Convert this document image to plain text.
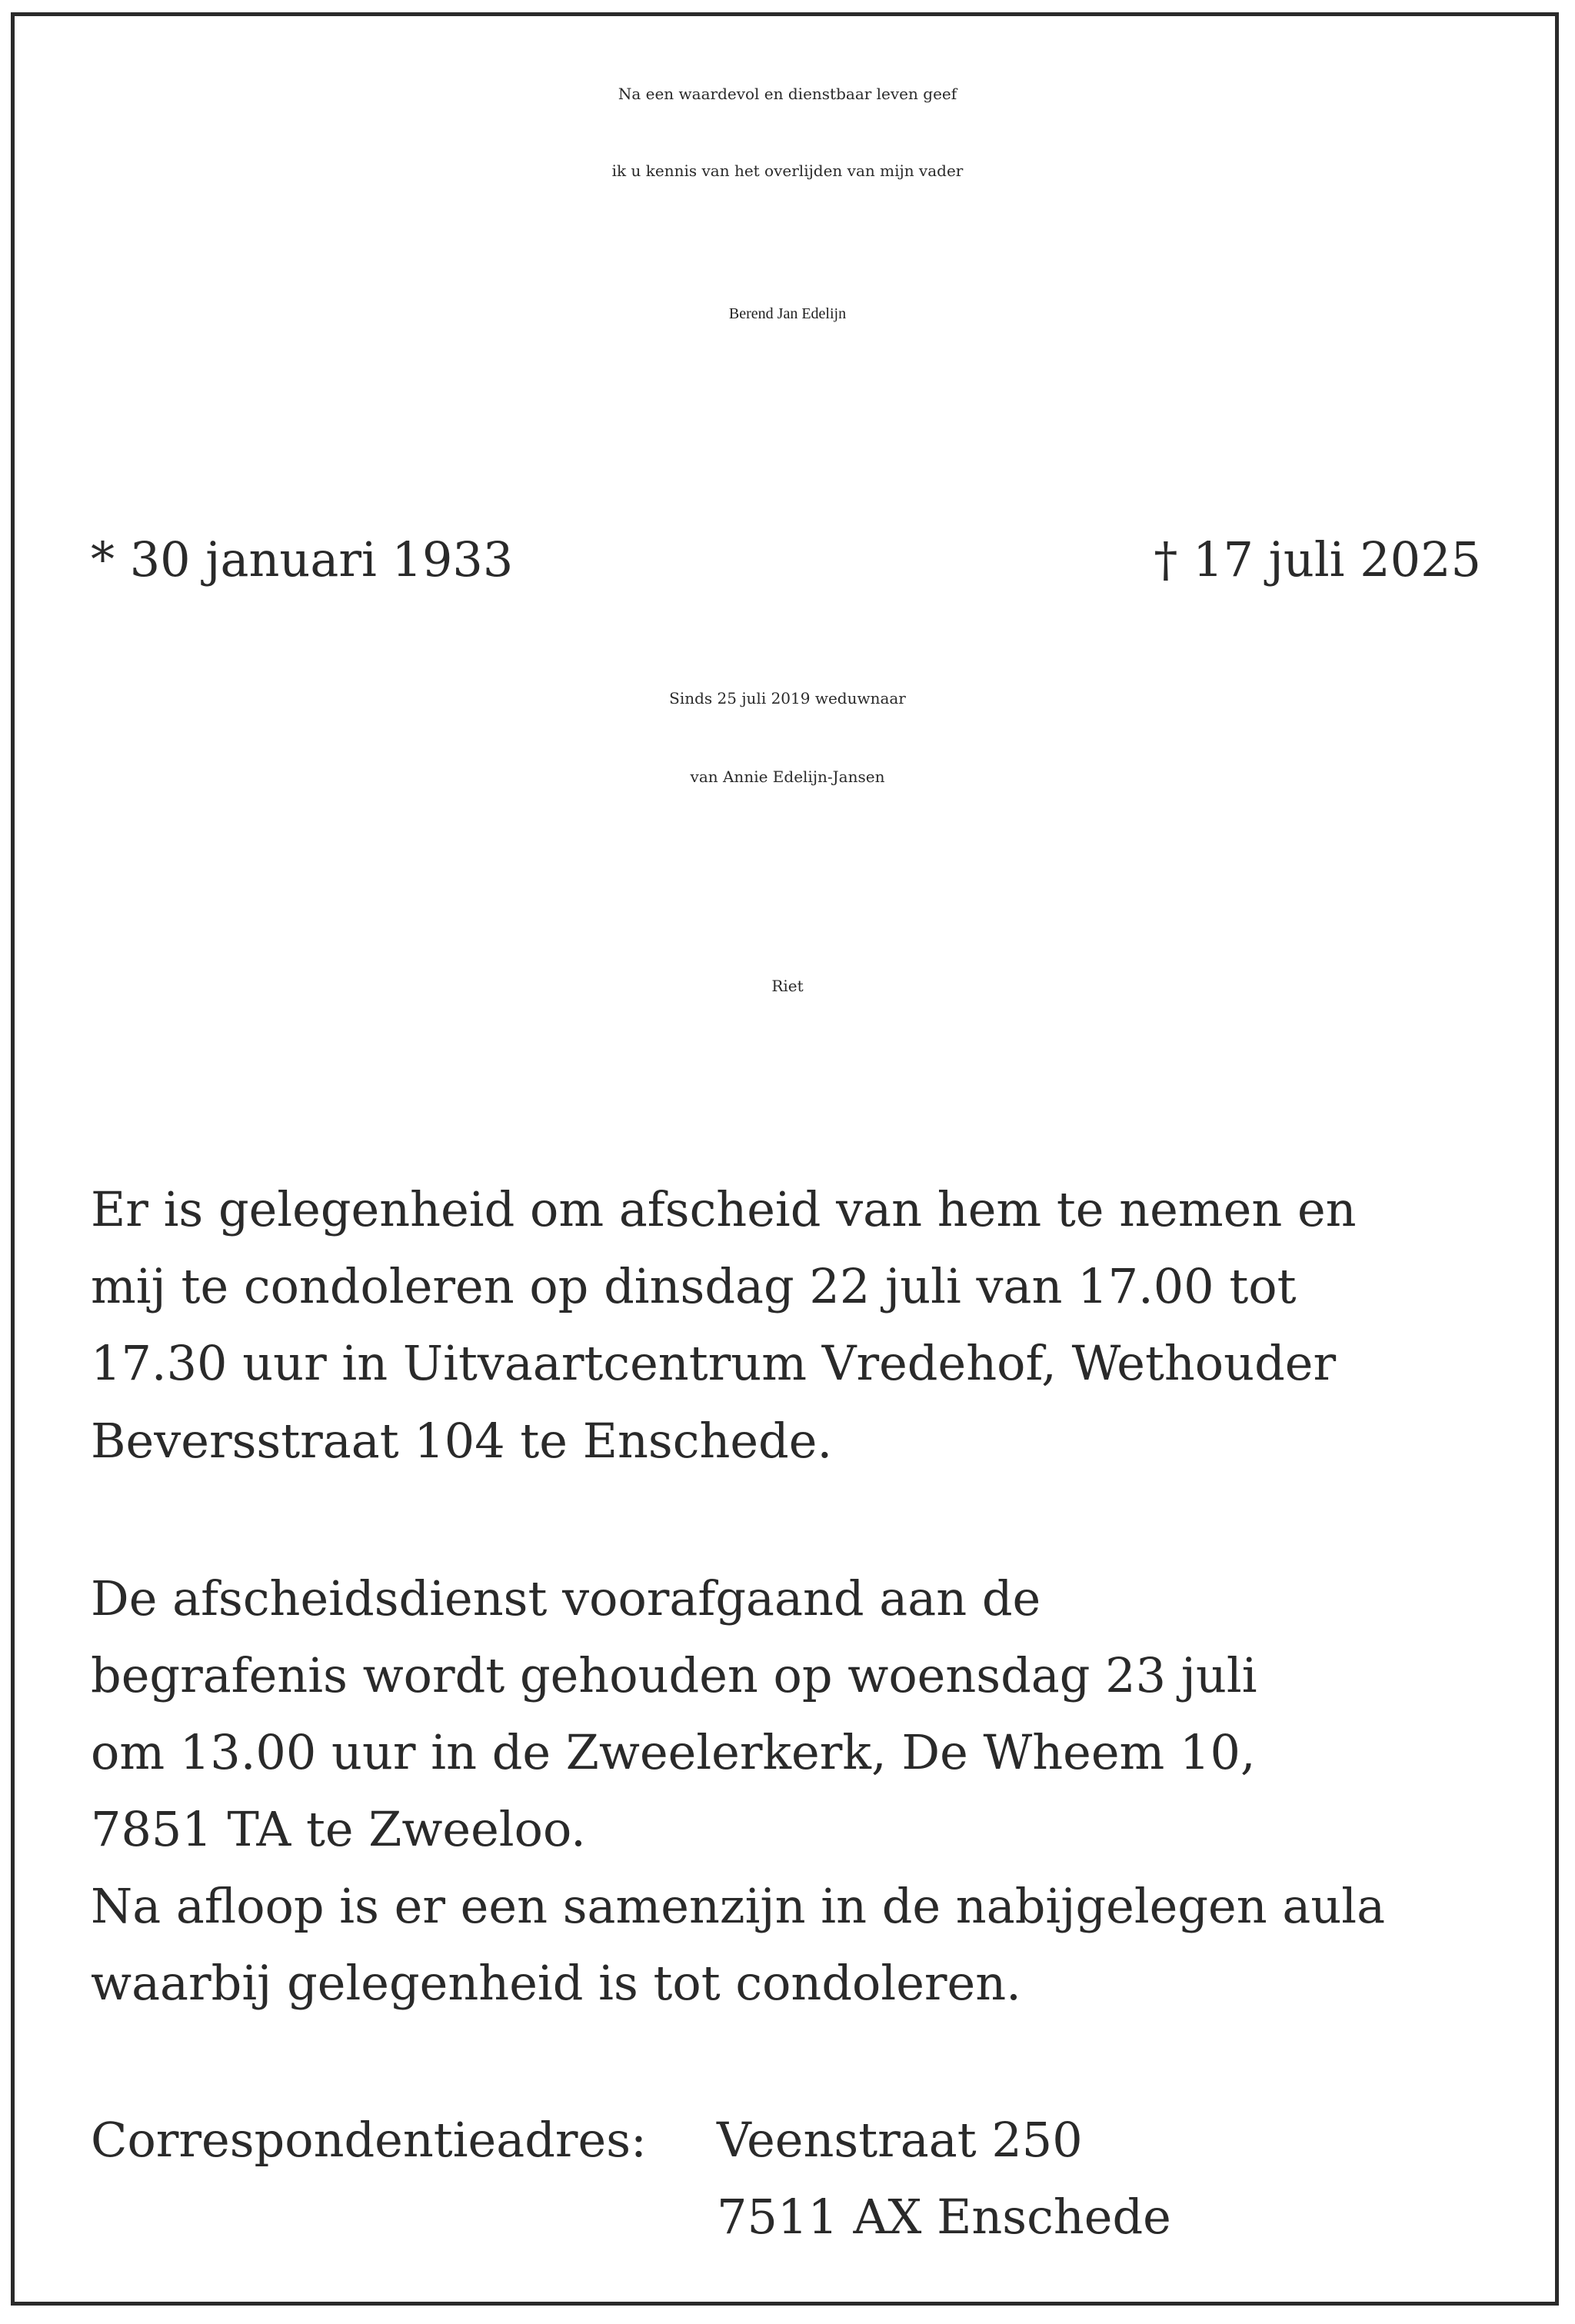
Na een waardevol en dienstbaar leven geef

ik u kennis van het overlijden van mijn vader

Berend Jan Edelijn

* 30 januari 1933	† 17 juli 2025

Sinds 25 juli 2019 weduwnaar

van Annie Edelijn-Jansen

Riet

Er is gelegenheid om afscheid van hem te nemen en

mij te condoleren op dinsdag 22 juli van 17.00 tot

17.30 uur in Uitvaartcentrum Vredehof, Wethouder

Beversstraat 104 te Enschede.

De afscheidsdienst voorafgaand aan de

begrafenis wordt gehouden op woensdag 23 juli

om 13.00 uur in de Zweelerkerk, De Wheem 10,

7851 TA te Zweeloo.

Na afloop is er een samenzijn in de nabijgelegen aula

waarbij gelegenheid is tot condoleren.

Correspondentieadres: Veenstraat 250

7511 AX Enschede
